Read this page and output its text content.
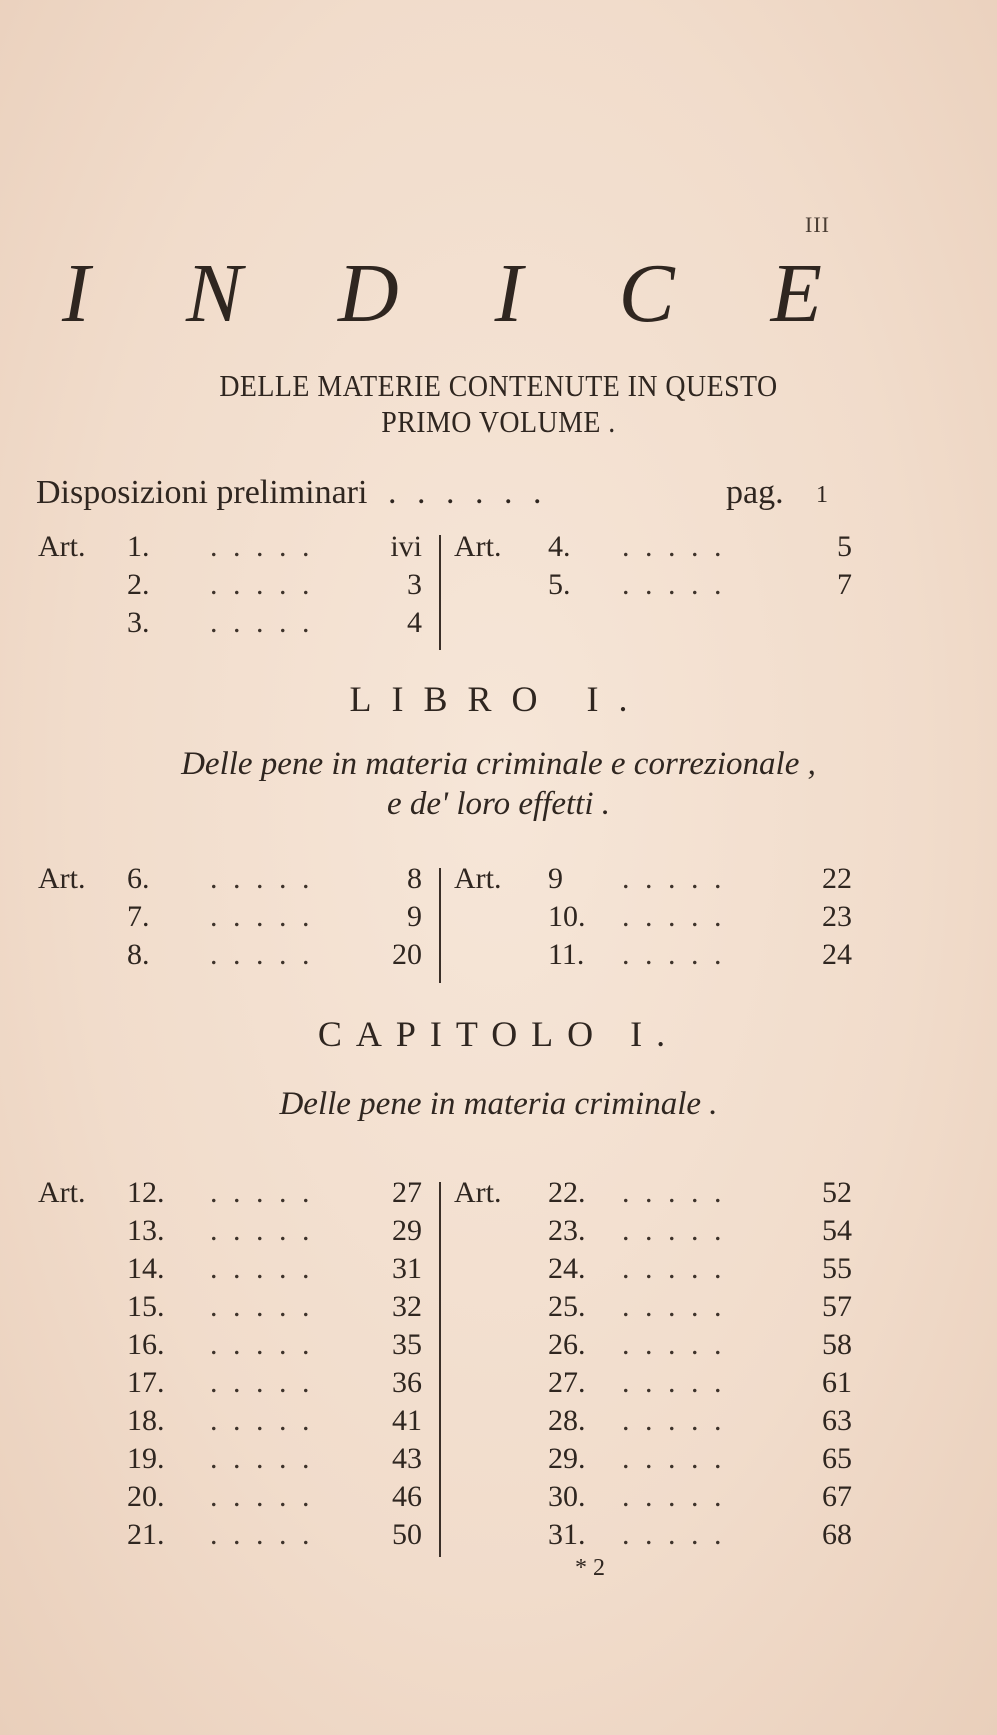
III
I N D I C E
DELLE MATERIE CONTENUTE IN QUESTO
PRIMO VOLUME .
Disposizioni preliminari . . . . . .	pag. 1
Art. 1. . . . . .	ivi
2. . . . . .	3
3. . . . . .	4
Art. 4. . . . . .	5
5. . . . . .	7
LIBRO I.
Delle pene in materia criminale e correzionale ,
e de' loro effetti .
Art. 6. . . . . .	8
7. . . . . .	9
8. . . . . .	20
Art. 9 . . . . .	22
10. . . . . .	23
11. . . . . .	24
CAPITOLO I.
Delle pene in materia criminale .
Art. 12. . . . . .	27
13. . . . . .	29
14. . . . . .	31
15. . . . . .	32
16. . . . . .	35
17. . . . . .	36
18. . . . . .	41
19. . . . . .	43
20. . . . . .	46
21. . . . . .	50
Art. 22. . . . . .	52
23. . . . . .	54
24. . . . . .	55
25. . . . . .	57
26. . . . . .	58
27. . . . . .	61
28. . . . . .	63
29. . . . . .	65
30. . . . . .	67
31. . . . . .	68
* 2
